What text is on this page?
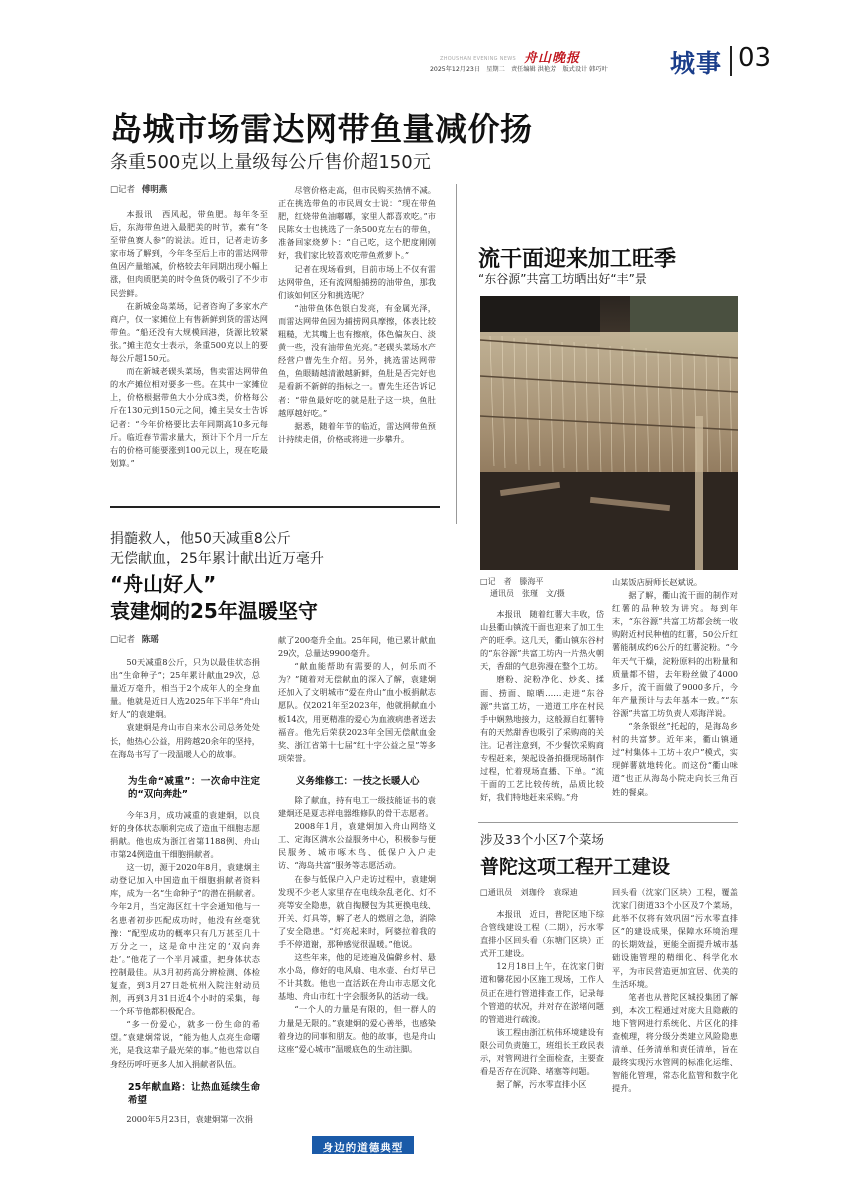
ZHOUSHAN EVENING NEWS 舟山晚报
2025年12月23日　星期二　责任编辑 洪艳芳　版式设计 韩巧叶 城事 03
岛城市场雷达网带鱼量减价扬
条重500克以上量级每公斤售价超150元
□记者 傅明燕

本报讯　西风起，带鱼肥。每年冬至后，东海带鱼进入最肥美的时节，素有“冬至带鱼赛人参”的说法。近日，记者走访多家市场了解到，今年冬至后上市的雷达网带鱼因产量缩减，价格较去年同期出现小幅上涨，但肉质肥美的时令鱼货仍吸引了不少市民尝鲜。

在新城金岛菜场，记者咨询了多家水产商户，仅一家摊位上有售新鲜到货的雷达网带鱼。“船还没有大规模回港，货源比较紧张。”摊主范女士表示，条重500克以上的要每公斤超150元。

而在新城老碶头菜场，售卖雷达网带鱼的水产摊位相对要多一些。在其中一家摊位上，价格根据带鱼大小分成3类，价格每公斤在130元到150元之间，摊主吴女士告诉记者：“今年价格要比去年同期高10多元每斤。临近春节需求量大，预计下个月一斤左右的价格可能要涨到100元以上，现在吃最划算。”

尽管价格走高，但市民购买热情不减。正在挑选带鱼的市民周女士说：“现在带鱼肥，红烧带鱼油嘟嘟，家里人都喜欢吃。”市民陈女士也挑选了一条500克左右的带鱼，准备回家烧萝卜：“自己吃，这个肥度刚刚好，我们家比较喜欢吃带鱼煮萝卜。”

记者在现场看到，目前市场上不仅有雷达网带鱼，还有流网船捕捞的油带鱼，那我们该如何区分和挑选呢？

“油带鱼体色银白发亮，有金属光泽，而雷达网带鱼因为捕捞网具摩擦，体表比较粗糙，尤其嘴上也有擦痕，体色偏灰白、淡黄一些，没有油带鱼光亮。”老碶头菜场水产经营户曹先生介绍。另外，挑选雷达网带鱼，鱼眼睛越清澈越新鲜，鱼肚是否完好也是看新不新鲜的指标之一。曹先生还告诉记者：“带鱼最好吃的就是肚子这一块，鱼肚越厚越好吃。”

据悉，随着年节的临近，雷达网带鱼预计持续走俏，价格或将进一步攀升。

流干面迎来加工旺季
“东谷源”共富工坊晒出好“丰”景
□记　者　滕海平
通讯员　张瑾　文/摄

本报讯　随着红薯大丰收，岱山县衢山镇流干面也迎来了加工生产的旺季。这几天，衢山镇东谷村的“东谷源”共富工坊内一片热火朝天，香甜的气息弥漫在整个工坊。

磨粉、淀粉净化、炒炙、揉面、捞面、晾晒……走进“东谷源”共富工坊，一道道工序在村民手中娴熟地接力，这般源自红薯特有的天然甜香也吸引了采购商的关注。记者注意到，不少餐饮采购商专程赶来，架起设备拍摄现场制作过程，忙着现场直播、下单。“流干面的工艺比较传统，品质比较好，我们特地赶来采购。”舟

山某饭店厨师长赵斌说。

据了解，衢山流干面的制作对红薯的品种较为讲究。每到年末，“东谷源”共富工坊都会统一收购附近村民种植的红薯，50公斤红薯能制成约6公斤的红薯淀粉。“今年天气干燥，淀粉原料的出粉量和质量都不错，去年粉丝做了4000多斤，流干面做了9000多斤，今年产量预计与去年基本一致。”“东谷源”共富工坊负责人邓海洋说。

“条条银丝”托起的，是海岛乡村的共富梦。近年来，衢山镇通过“村集体＋工坊＋农户”模式，实现鲜薯就地转化。而这份“衢山味道”也正从海岛小院走向长三角百姓的餐桌。

捐髓救人，他50天减重8公斤
无偿献血，25年累计献出近万毫升
“舟山好人”
袁建炯的25年温暖坚守
□记者 陈瑶

50天减重8公斤，只为以最佳状态捐出“生命种子”；25年累计献血29次，总量近万毫升，相当于2个成年人的全身血量。他就是近日人选2025年下半年“舟山好人”的袁建炯。

袁建炯是舟山市自来水公司总务处处长，他热心公益，用跨越20余年的坚持，在海岛书写了一段温暖人心的故事。

为生命“减重”：一次命中注定的“双向奔赴”

今年3月，成功减重的袁建炯，以良好的身体状态顺利完成了造血干细胞志愿捐献。他也成为浙江省第1188例、舟山市第24例造血干细胞捐献者。

这一切，源于2020年8月，袁建炯主动登记加入中国造血干细胞捐献者资料库，成为一名“生命种子”的潜在捐献者。今年2月，当定海区红十字会通知他与一名患者初步匹配成功时，他没有丝毫犹豫：“配型成功的概率只有几万甚至几十万分之一，这是命中注定的‘双向奔赴’。”他花了一个半月减重，把身体状态控制最佳。从3月初药高分辨检测、体检复查，到3月27日赴杭州入院注射动员剂，再到3月31日近4个小时的采集，每一个环节他都积极配合。

“多一份爱心，就多一份生命的希望。”袁建炯常说，“能为他人点亮生命曙光，是我这辈子最光荣的事。”他也常以自身经历呼吁更多人加入捐献者队伍。

25年献血路：让热血延续生命希望

2000年5月23日，袁建炯第一次捐

献了200毫升全血。25年间，他已累计献血29次，总量达9900毫升。

“献血能帮助有需要的人，何乐而不为？”随着对无偿献血的深入了解，袁建炯还加入了文明城市“爱在舟山”血小板捐献志愿队。仅2021年至2023年，他就捐献血小板14次，用更精准的爱心为血液病患者送去福音。他先后荣获2023年全国无偿献血金奖、浙江省第十七届“红十字公益之星”等多项荣誉。

义务维修工：一技之长暖人心

除了献血，持有电工一级技能证书的袁建炯还是夏志祥电器维修队的骨干志愿者。

2008年1月，袁建炯加入舟山网络义工、定海区满水公益服务中心，积极参与便民服务、城市啄木鸟、低保户入户走访、“海岛共富”服务等志愿活动。

在参与低保户入户走访过程中，袁建炯发现不少老人家里存在电线杂乱老化、灯不亮等安全隐患，就自掏腰包为其更换电线、开关、灯具等，解了老人的燃眉之急，消除了安全隐患。“灯亮起来时，阿婆拉着我的手不停道谢，那种感觉很温暖。”他说。

这些年来，他的足迹遍及偏僻乡村、悬水小岛，修好的电风扇、电水壶、台灯早已不计其数。他也一直活跃在舟山市志愿文化基地、舟山市红十字会服务队的活动一线。

“一个人的力量是有限的，但一群人的力量是无限的。”袁建炯的爱心善举，也感染着身边的同事和朋友。他的故事，也是舟山这座“爱心城市”温暖底色的生动注脚。

身边的道德典型
涉及33个小区7个菜场
普陀这项工程开工建设
□通讯员　刘珈伶　袁琛迪

本报讯　近日，普陀区地下综合管线建设工程（二期），污水零直排小区回头看（东塘门区块）正式开工建设。

12月18日上午，在沈家门街道和馨花园小区施工现场，工作人员正在进行管道排查工作，记录每个管道的状况，并对存在淤堵问题的管道进行疏浚。

该工程由浙江杭伟环境建设有限公司负责施工，班组长王政民表示，对管网进行全面检查，主要查看是否存在沉降、堵塞等问题。

据了解，污水零直排小区

回头看（沈家门区块）工程，覆盖沈家门街道33个小区及7个菜场，此举不仅将有效巩固“污水零直排区”的建设成果，保障水环境治理的长期效益，更能全面提升城市基础设施管理的精细化、科学化水平，为市民营造更加宜居、优美的生活环境。

笔者也从普陀区城投集团了解到，本次工程通过对庞大且隐蔽的地下管网进行系统化、片区化的排查梳理，将分级分类建立风险隐患清单、任务清单和责任清单，旨在最终实现污水管网的标准化运维、智能化管理，常态化监管和数字化提升。
